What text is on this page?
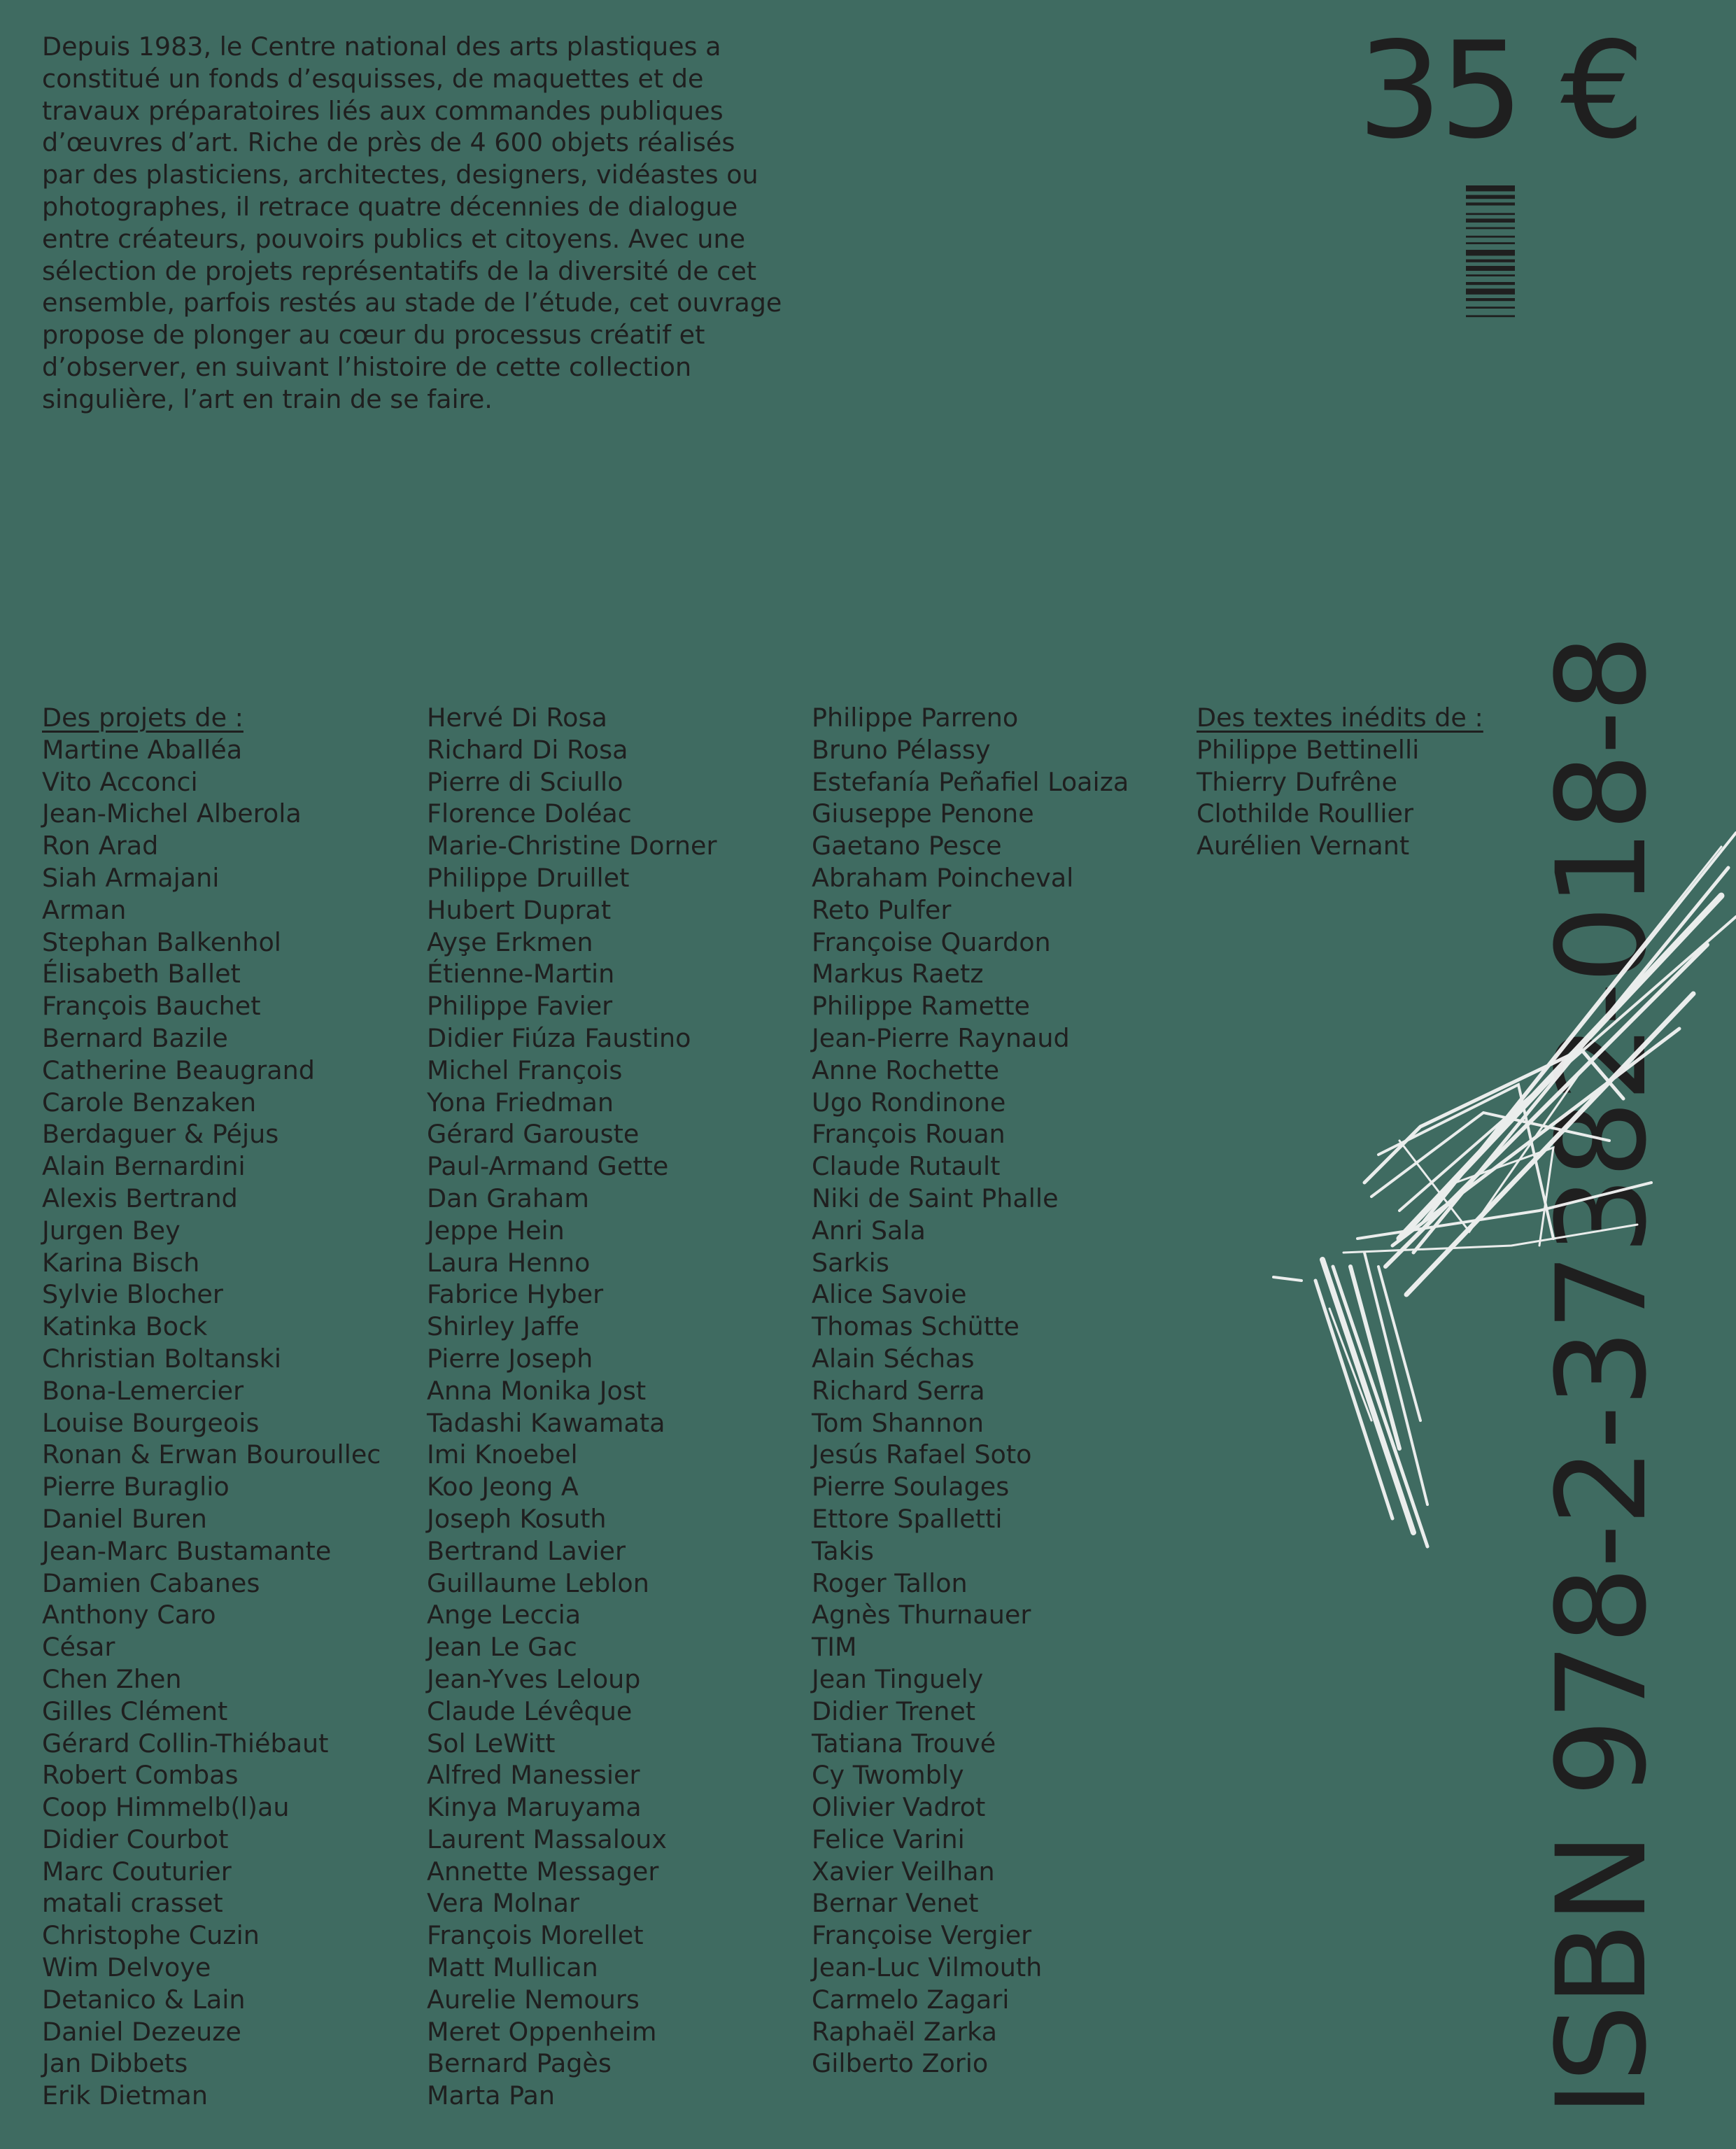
Depuis 1983, le Centre national des arts plastiques a constitué un fonds d’esquisses, de maquettes et de travaux préparatoires liés aux commandes publiques d’œuvres d’art. Riche de près de 4 600 objets réalisés par des plasticiens, architectes, designers, vidéastes ou photographes, il retrace quatre décennies de dialogue entre créateurs, pouvoirs publics et citoyens. Avec une sélection de projets représentatifs de la diversité de cet ensemble, parfois restés au stade de l’étude, cet ouvrage propose de plonger au cœur du processus créatif et d’observer, en suivant l’histoire de cette collection singulière, l’art en train de se faire.
35 €
ISBN 978-2-37382-018-8
Des projets de :
Martine Aballéa
Vito Acconci
Jean-Michel Alberola
Ron Arad
Siah Armajani
Arman
Stephan Balkenhol
Élisabeth Ballet
François Bauchet
Bernard Bazile
Catherine Beaugrand
Carole Benzaken
Berdaguer & Péjus
Alain Bernardini
Alexis Bertrand
Jurgen Bey
Karina Bisch
Sylvie Blocher
Katinka Bock
Christian Boltanski
Bona-Lemercier
Louise Bourgeois
Ronan & Erwan Bouroullec
Pierre Buraglio
Daniel Buren
Jean-Marc Bustamante
Damien Cabanes
Anthony Caro
César
Chen Zhen
Gilles Clément
Gérard Collin-Thiébaut
Robert Combas
Coop Himmelb(l)au
Didier Courbot
Marc Couturier
matali crasset
Christophe Cuzin
Wim Delvoye
Detanico & Lain
Daniel Dezeuze
Jan Dibbets
Erik Dietman
Hervé Di Rosa
Richard Di Rosa
Pierre di Sciullo
Florence Doléac
Marie-Christine Dorner
Philippe Druillet
Hubert Duprat
Ayşe Erkmen
Étienne-Martin
Philippe Favier
Didier Fiúza Faustino
Michel François
Yona Friedman
Gérard Garouste
Paul-Armand Gette
Dan Graham
Jeppe Hein
Laura Henno
Fabrice Hyber
Shirley Jaffe
Pierre Joseph
Anna Monika Jost
Tadashi Kawamata
Imi Knoebel
Koo Jeong A
Joseph Kosuth
Bertrand Lavier
Guillaume Leblon
Ange Leccia
Jean Le Gac
Jean-Yves Leloup
Claude Lévêque
Sol LeWitt
Alfred Manessier
Kinya Maruyama
Laurent Massaloux
Annette Messager
Vera Molnar
François Morellet
Matt Mullican
Aurelie Nemours
Meret Oppenheim
Bernard Pagès
Marta Pan
Philippe Parreno
Bruno Pélassy
Estefanía Peñafiel Loaiza
Giuseppe Penone
Gaetano Pesce
Abraham Poincheval
Reto Pulfer
Françoise Quardon
Markus Raetz
Philippe Ramette
Jean-Pierre Raynaud
Anne Rochette
Ugo Rondinone
François Rouan
Claude Rutault
Niki de Saint Phalle
Anri Sala
Sarkis
Alice Savoie
Thomas Schütte
Alain Séchas
Richard Serra
Tom Shannon
Jesús Rafael Soto
Pierre Soulages
Ettore Spalletti
Takis
Roger Tallon
Agnès Thurnauer
TIM
Jean Tinguely
Didier Trenet
Tatiana Trouvé
Cy Twombly
Olivier Vadrot
Felice Varini
Xavier Veilhan
Bernar Venet
Françoise Vergier
Jean-Luc Vilmouth
Carmelo Zagari
Raphaël Zarka
Gilberto Zorio
Des textes inédits de :
Philippe Bettinelli
Thierry Dufrêne
Clothilde Roullier
Aurélien Vernant
